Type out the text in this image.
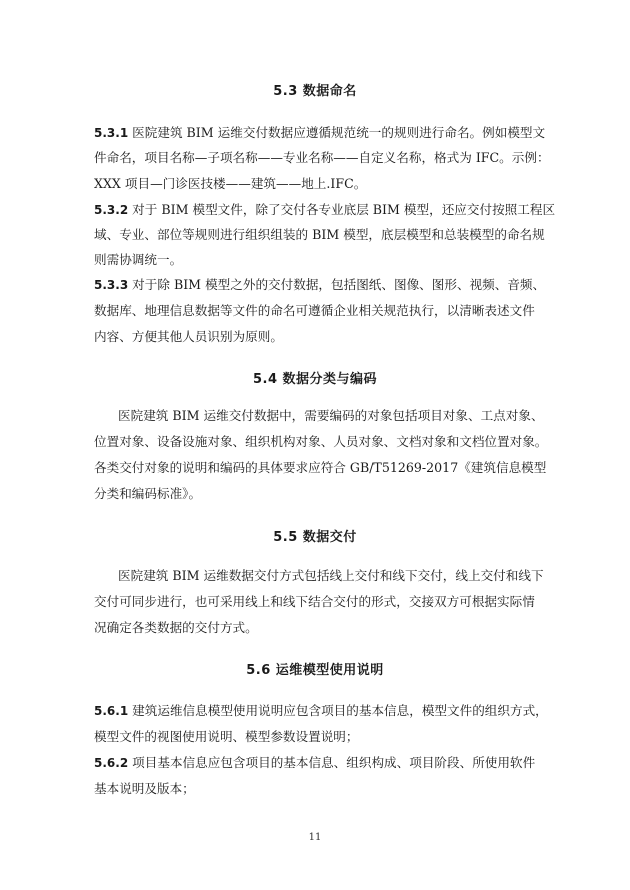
5.3 数据命名
5.3.1 医院建筑 BIM 运维交付数据应遵循规范统一的规则进行命名。例如模型文
件命名，项目名称—子项名称——专业名称——自定义名称，格式为 IFC。示例：
XXX 项目—门诊医技楼——建筑——地上.IFC。
5.3.2 对于 BIM 模型文件，除了交付各专业底层 BIM 模型，还应交付按照工程区
域、专业、部位等规则进行组织组装的 BIM 模型，底层模型和总装模型的命名规
则需协调统一。
5.3.3 对于除 BIM 模型之外的交付数据，包括图纸、图像、图形、视频、音频、
数据库、地理信息数据等文件的命名可遵循企业相关规范执行，以清晰表述文件
内容、方便其他人员识别为原则。
5.4 数据分类与编码
医院建筑 BIM 运维交付数据中，需要编码的对象包括项目对象、工点对象、
位置对象、设备设施对象、组织机构对象、人员对象、文档对象和文档位置对象。
各类交付对象的说明和编码的具体要求应符合 GB/T51269-2017《建筑信息模型
分类和编码标准》。
5.5 数据交付
医院建筑 BIM 运维数据交付方式包括线上交付和线下交付，线上交付和线下
交付可同步进行，也可采用线上和线下结合交付的形式，交接双方可根据实际情
况确定各类数据的交付方式。
5.6 运维模型使用说明
5.6.1 建筑运维信息模型使用说明应包含项目的基本信息，模型文件的组织方式，
模型文件的视图使用说明、模型参数设置说明；
5.6.2 项目基本信息应包含项目的基本信息、组织构成、项目阶段、所使用软件
基本说明及版本；
11
